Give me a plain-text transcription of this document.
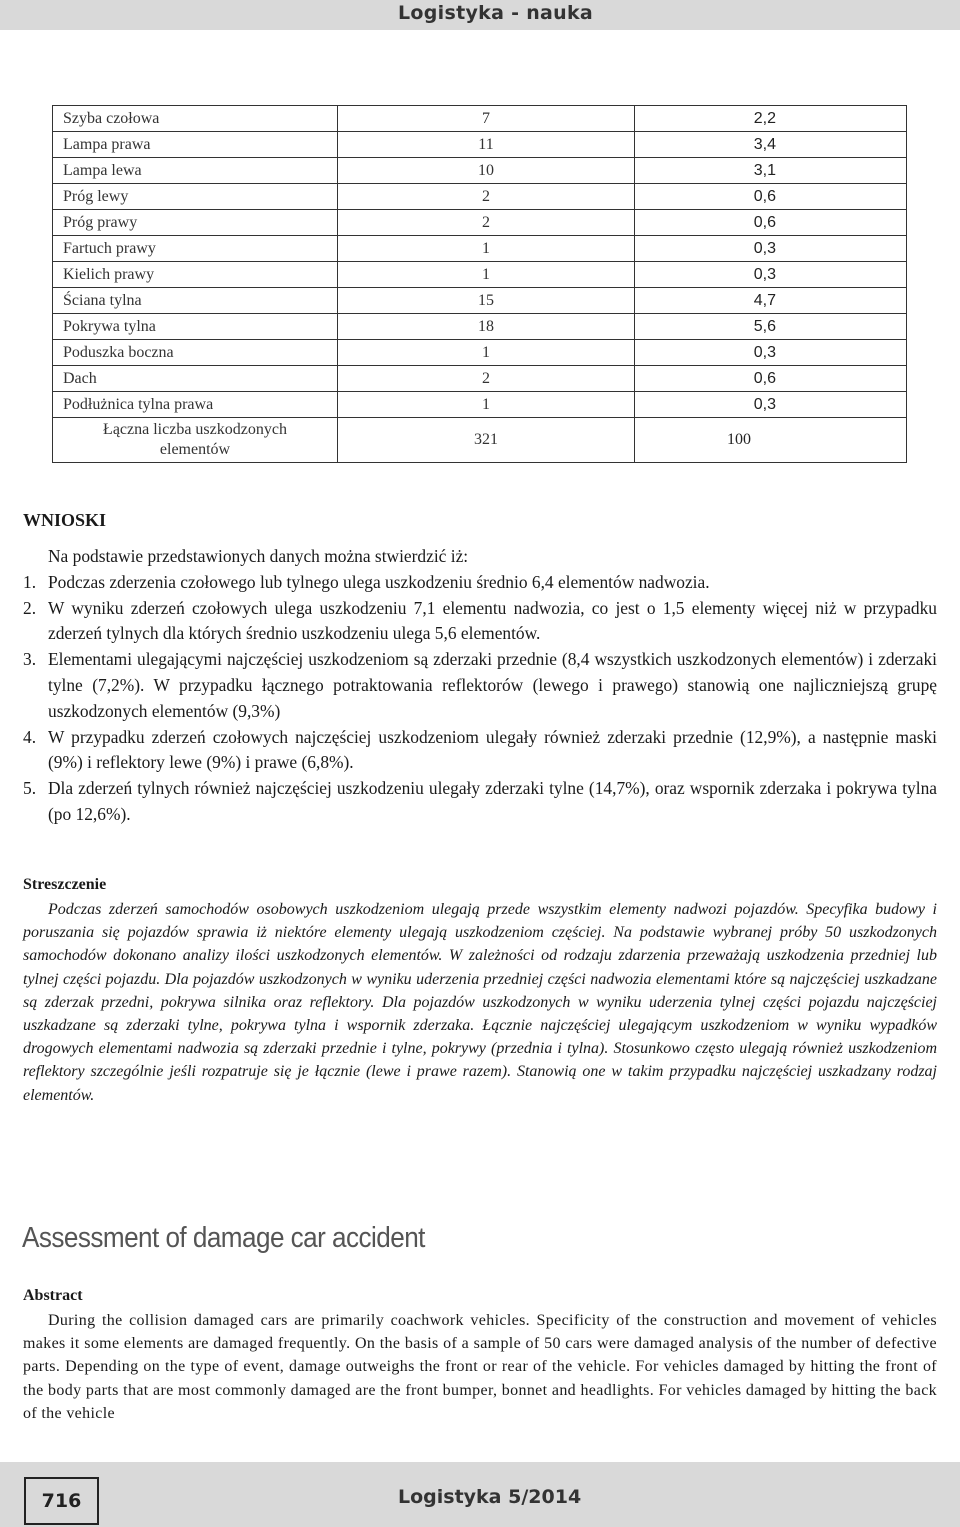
Logistyka - nauka
Szyba czołowa	7	2,2
Lampa prawa	11	3,4
Lampa lewa	10	3,1
Próg lewy	2	0,6
Próg prawy	2	0,6
Fartuch prawy	1	0,3
Kielich prawy	1	0,3
Ściana tylna	15	4,7
Pokrywa tylna	18	5,6
Poduszka boczna	1	0,3
Dach	2	0,6
Podłużnica tylna prawa	1	0,3
Łączna liczba uszkodzonych
elementów	321	100
WNIOSKI
Na podstawie przedstawionych danych można stwierdzić iż:
1. Podczas zderzenia czołowego lub tylnego ulega uszkodzeniu średnio 6,4 elementów nadwozia.
2. W wyniku zderzeń czołowych ulega uszkodzeniu 7,1 elementu nadwozia, co jest o 1,5 elementy więcej niż w przypadku zderzeń tylnych dla których średnio uszkodzeniu ulega 5,6 elementów.
3. Elementami ulegającymi najczęściej uszkodzeniom są zderzaki przednie (8,4 wszystkich uszkodzonych elementów) i zderzaki tylne (7,2%). W przypadku łącznego potraktowania reflektorów (lewego i prawego) stanowią one najliczniejszą grupę uszkodzonych elementów (9,3%)
4. W przypadku zderzeń czołowych najczęściej uszkodzeniom ulegały również zderzaki przednie (12,9%), a następnie maski (9%) i reflektory lewe (9%) i prawe (6,8%).
5. Dla zderzeń tylnych również najczęściej uszkodzeniu ulegały zderzaki tylne (14,7%), oraz wspornik zderzaka i pokrywa tylna (po 12,6%).
Streszczenie

Podczas zderzeń samochodów osobowych uszkodzeniom ulegają przede wszystkim elementy nadwozi pojazdów. Specyfika budowy i poruszania się pojazdów sprawia iż niektóre elementy ulegają uszkodzeniom częściej. Na podstawie wybranej próby 50 uszkodzonych samochodów dokonano analizy ilości uszkodzonych elementów. W zależności od rodzaju zdarzenia przeważają uszkodzenia przedniej lub tylnej części pojazdu. Dla pojazdów uszkodzonych w wyniku uderzenia przedniej części nadwozia elementami które są najczęściej uszkadzane są zderzak przedni, pokrywa silnika oraz reflektory. Dla pojazdów uszkodzonych w wyniku uderzenia tylnej części pojazdu najczęściej uszkadzane są zderzaki tylne, pokrywa tylna i wspornik zderzaka. Łącznie najczęściej ulegającym uszkodzeniom w wyniku wypadków drogowych elementami nadwozia są zderzaki przednie i tylne, pokrywy (przednia i tylna). Stosunkowo często ulegają również uszkodzeniom reflektory szczególnie jeśli rozpatruje się je łącznie (lewe i prawe razem). Stanowią one w takim przypadku najczęściej uszkadzany rodzaj elementów.

Assessment of damage car accident
Abstract

During the collision damaged cars are primarily coachwork vehicles. Specificity of the construction and movement of vehicles makes it some elements are damaged frequently. On the basis of a sample of 50 cars were damaged analysis of the number of defective parts. Depending on the type of event, damage outweighs the front or rear of the vehicle. For vehicles damaged by hitting the front of the body parts that are most commonly damaged are the front bumper, bonnet and headlights. For vehicles damaged by hitting the back of the vehicle

716	Logistyka 5/2014
